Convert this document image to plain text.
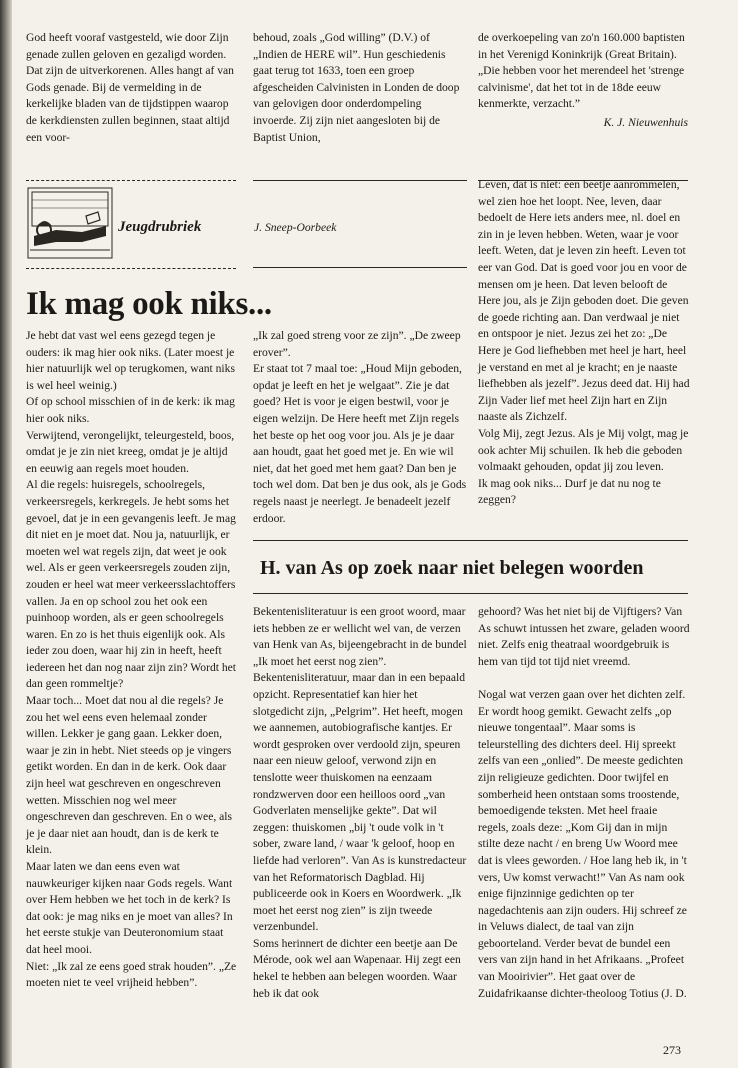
God heeft vooraf vastgesteld, wie door Zijn genade zullen geloven en gezaligd worden. Dat zijn de uitverkorenen. Alles hangt af van Gods genade. Bij de vermelding in de kerkelijke bladen van de tijdstippen waarop de kerkdiensten zullen beginnen, staat altijd een voor-

behoud, zoals „God willing” (D.V.) of „Indien de HERE wil”. Hun geschiedenis gaat terug tot 1633, toen een groep afgescheiden Calvinisten in Londen de doop van gelovigen door onderdompeling invoerde. Zij zijn niet aangesloten bij de Baptist Union,

de overkoepeling van zo'n 160.000 baptisten in het Verenigd Koninkrijk (Great Britain). „Die hebben voor het merendeel het 'strenge calvinisme', dat het tot in de 18de eeuw kenmerkte, verzacht.”

K. J. Nieuwenhuis

Jeugdrubriek	J. Sneep-Oorbeek
Ik mag ook niks...

Je hebt dat vast wel eens gezegd tegen je ouders: ik mag hier ook niks. (Later moest je hier natuurlijk wel op terugkomen, want niks is wel heel weinig.)

Of op school misschien of in de kerk: ik mag hier ook niks.

Verwijtend, verongelijkt, teleurgesteld, boos, omdat je je zin niet kreeg, omdat je je altijd en eeuwig aan regels moet houden.

Al die regels: huisregels, schoolregels, verkeersregels, kerkregels. Je hebt soms het gevoel, dat je in een gevangenis leeft. Je mag dit niet en je moet dat. Nou ja, natuurlijk, er moeten wel wat regels zijn, dat weet je ook wel. Als er geen verkeersregels zouden zijn, zouden er heel wat meer verkeersslachtoffers vallen. Ja en op school zou het ook een puinhoop worden, als er geen schoolregels waren. En zo is het thuis eigenlijk ook. Als ieder zou doen, waar hij zin in heeft, heeft iedereen het dan nog naar zijn zin? Wordt het dan geen rommeltje?

Maar toch... Moet dat nou al die regels? Je zou het wel eens even helemaal zonder willen. Lekker je gang gaan. Lekker doen, waar je zin in hebt. Niet steeds op je vingers getikt worden. En dan in de kerk. Ook daar zijn heel wat geschreven en ongeschreven wetten. Misschien nog wel meer ongeschreven dan geschreven. En o wee, als je je daar niet aan houdt, dan is de kerk te klein.

Maar laten we dan eens even wat nauwkeuriger kijken naar Gods regels. Want over Hem hebben we het toch in de kerk? Is dat ook: je mag niks en je moet van alles? In het eerste stukje van Deuteronomium staat dat heel mooi.

Niet: „Ik zal ze eens goed strak houden”. „Ze moeten niet te veel vrijheid hebben”.

„Ik zal goed streng voor ze zijn”. „De zweep erover”.

Er staat tot 7 maal toe: „Houd Mijn geboden, opdat je leeft en het je welgaat”. Zie je dat goed? Het is voor je eigen bestwil, voor je eigen welzijn. De Here heeft met Zijn regels het beste op het oog voor jou. Als je je daar aan houdt, gaat het goed met je. En wie wil niet, dat het goed met hem gaat? Dan ben je toch wel dom. Dat ben je dus ook, als je Gods regels naast je neerlegt. Je benadeelt jezelf erdoor.

Leven, dat is niet: een beetje aanrommelen, wel zien hoe het loopt. Nee, leven, daar bedoelt de Here iets anders mee, nl. doel en zin in je leven hebben. Weten, waar je voor leeft. Weten, dat je leven zin heeft. Leven tot eer van God. Dat is goed voor jou en voor de mensen om je heen. Dat leven belooft de Here jou, als je Zijn geboden doet. Die geven de goede richting aan. Dan verdwaal je niet en ontspoor je niet. Jezus zei het zo: „De Here je God liefhebben met heel je hart, heel je verstand en met al je kracht; en je naaste liefhebben als jezelf”. Jezus deed dat. Hij had Zijn Vader lief met heel Zijn hart en Zijn naaste als Zichzelf.

Volg Mij, zegt Jezus. Als je Mij volgt, mag je ook achter Mij schuilen. Ik heb die geboden volmaakt gehouden, opdat jij zou leven.

Ik mag ook niks... Durf je dat nu nog te zeggen?

H. van As op zoek naar niet belegen woorden

Bekentenisliteratuur is een groot woord, maar iets hebben ze er wellicht wel van, de verzen van Henk van As, bijeengebracht in de bundel „Ik moet het eerst nog zien”.

Bekentenisliteratuur, maar dan in een bepaald opzicht. Representatief kan hier het slotgedicht zijn, „Pelgrim”. Het heeft, mogen we aannemen, autobiografische kantjes. Er wordt gesproken over verdoold zijn, speuren naar een nieuw geloof, verwond zijn en tenslotte weer thuiskomen na eenzaam rondzwerven door een heilloos oord „van Godverlaten menselijke gekte”. Dat wil zeggen: thuiskomen „bij 't oude volk in 't sober, zware land, / waar 'k geloof, hoop en liefde had verloren”. Van As is kunstredacteur van het Reformatorisch Dagblad. Hij publiceerde ook in Koers en Woordwerk. „Ik moet het eerst nog zien” is zijn tweede verzenbundel.

Soms herinnert de dichter een beetje aan De Mérode, ook wel aan Wapenaar. Hij zegt een hekel te hebben aan belegen woorden. Waar heb ik dat ook

gehoord? Was het niet bij de Vijftigers? Van As schuwt intussen het zware, geladen woord niet. Zelfs enig theatraal woordgebruik is hem van tijd tot tijd niet vreemd.

Nogal wat verzen gaan over het dichten zelf. Er wordt hoog gemikt. Gewacht zelfs „op nieuwe tongentaal”. Maar soms is teleurstelling des dichters deel. Hij spreekt zelfs van een „onlied”. De meeste gedichten zijn religieuze gedichten. Door twijfel en somberheid heen ontstaan soms troostende, bemoedigende teksten. Met heel fraaie regels, zoals deze: „Kom Gij dan in mijn stilte deze nacht / en breng Uw Woord mee dat is vlees geworden. / Hoe lang heb ik, in 't vers, Uw komst verwacht!” Van As nam ook enige fijnzinnige gedichten op ter nagedachtenis aan zijn ouders. Hij schreef ze in Veluws dialect, de taal van zijn geboorteland. Verder bevat de bundel een vers van zijn hand in het Afrikaans. „Profeet van Mooirivier”. Het gaat over de Zuidafrikaanse dichter-theoloog Totius (J. D.

273
